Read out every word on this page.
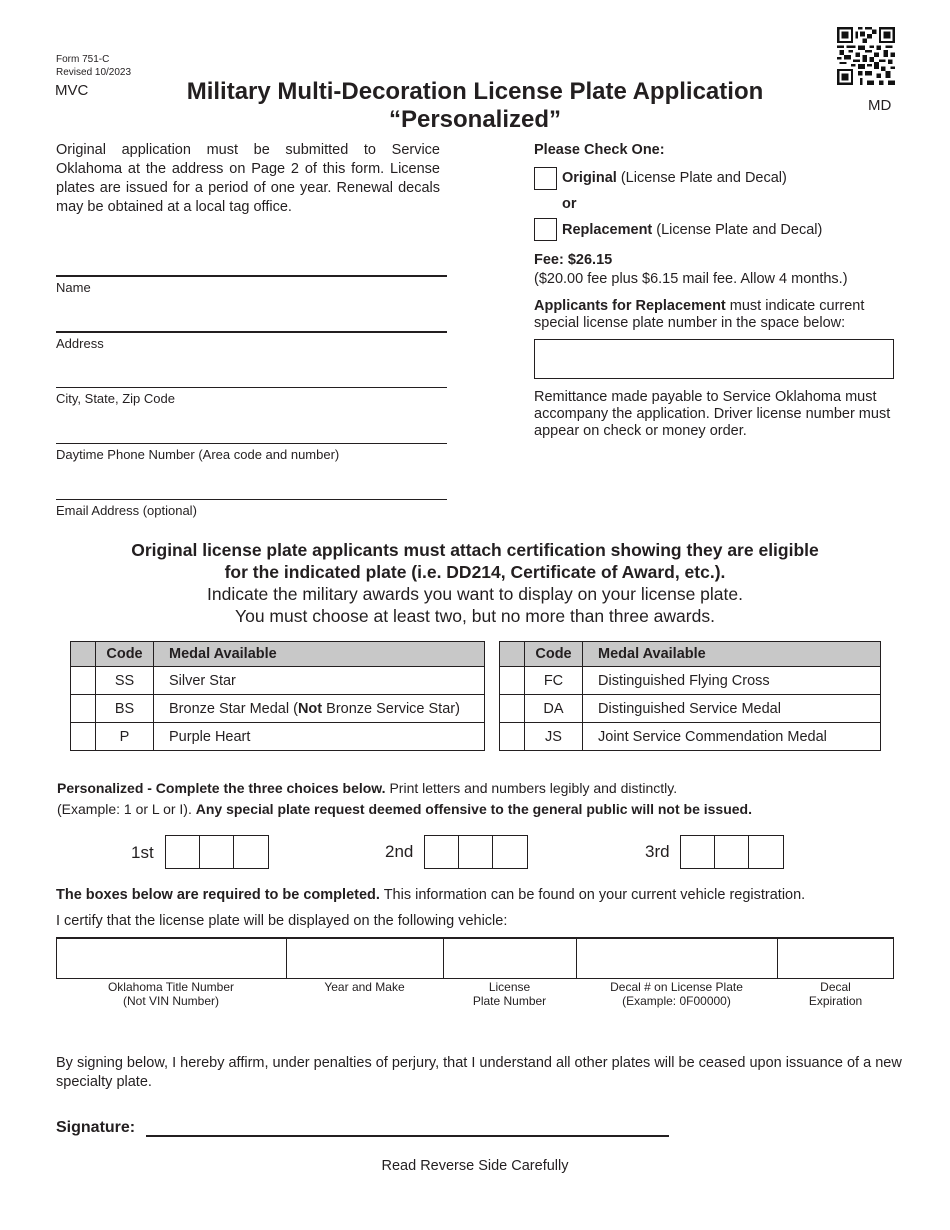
Form 751-C
Revised 10/2023
MVC	Military Multi-Decoration License Plate Application
“Personalized”
MD
Original application must be submitted to Service Oklahoma at the address on Page 2 of this form. License plates are issued for a period of one year. Renewal decals may be obtained at a local tag office.
Name
Address
City, State, Zip Code
Daytime Phone Number (Area code and number)
Email Address (optional)
Please Check One:
Original (License Plate and Decal)
or
Replacement (License Plate and Decal)
Fee: $26.15
($20.00 fee plus $6.15 mail fee. Allow 4 months.)
Applicants for Replacement must indicate current special license plate number in the space below:
Remittance made payable to Service Oklahoma must accompany the application. Driver license number must appear on check or money order.
Original license plate applicants must attach certification showing they are eligible
for the indicated plate (i.e. DD214, Certificate of Award, etc.).
Indicate the military awards you want to display on your license plate.
You must choose at least two, but no more than three awards.
	Code	Medal Available
	SS	Silver Star
	BS	Bronze Star Medal (Not Bronze Service Star)
	P	Purple Heart
	Code	Medal Available
	FC	Distinguished Flying Cross
	DA	Distinguished Service Medal
	JS	Joint Service Commendation Medal
Personalized - Complete the three choices below. Print letters and numbers legibly and distinctly.
(Example: 1 or L or I). Any special plate request deemed offensive to the general public will not be issued.
1st	2nd	3rd
The boxes below are required to be completed. This information can be found on your current vehicle registration.
I certify that the license plate will be displayed on the following vehicle:
Oklahoma Title Number
(Not VIN Number)
Year and Make	License
Plate Number
Decal # on License Plate
(Example: 0F00000)
Decal
Expiration
By signing below, I hereby affirm, under penalties of perjury, that I understand all other plates will be ceased upon issuance of a new specialty plate.
Signature:
Read Reverse Side Carefully
